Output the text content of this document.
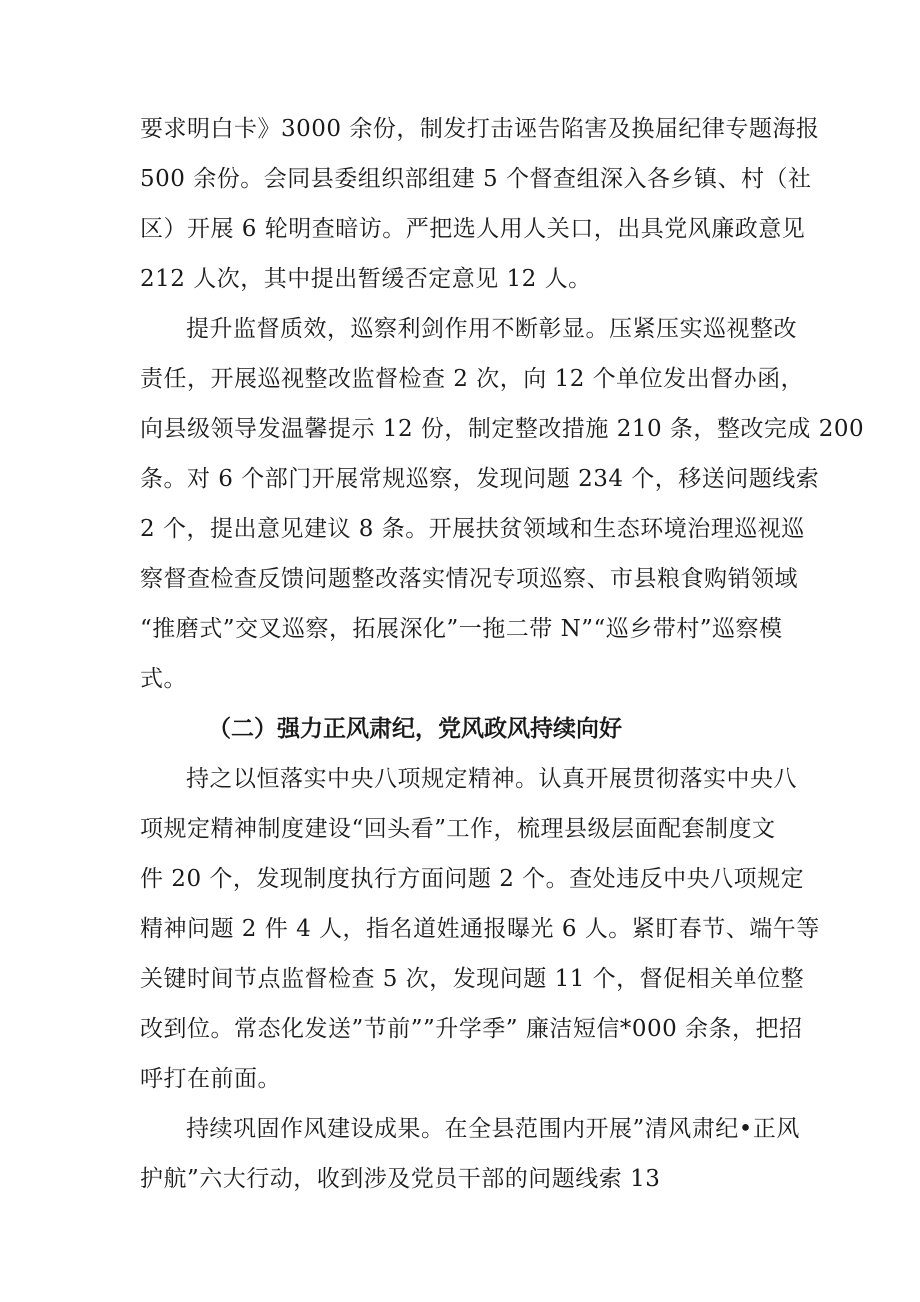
要求明白卡》3000 余份，制发打击诬告陷害及换届纪律专题海报
500 余份。会同县委组织部组建 5 个督查组深入各乡镇、村（社
区）开展 6 轮明查暗访。严把选人用人关口，出具党风廉政意见
212 人次，其中提出暂缓否定意见 12 人。
提升监督质效，巡察利剑作用不断彰显。压紧压实巡视整改
责任，开展巡视整改监督检查 2 次，向 12 个单位发出督办函，
向县级领导发温馨提示 12 份，制定整改措施 210 条，整改完成 200
条。对 6 个部门开展常规巡察，发现问题 234 个，移送问题线索
2 个，提出意见建议 8 条。开展扶贫领域和生态环境治理巡视巡
察督查检查反馈问题整改落实情况专项巡察、市县粮食购销领域
“推磨式”交叉巡察，拓展深化”一拖二带 N”“巡乡带村”巡察模
式。
（二）强力正风肃纪，党风政风持续向好
持之以恒落实中央八项规定精神。认真开展贯彻落实中央八
项规定精神制度建设“回头看”工作，梳理县级层面配套制度文
件 20 个，发现制度执行方面问题 2 个。查处违反中央八项规定
精神问题 2 件 4 人，指名道姓通报曝光 6 人。紧盯春节、端午等
关键时间节点监督检查 5 次，发现问题 11 个，督促相关单位整
改到位。常态化发送”节前””升学季” 廉洁短信*000 余条，把招
呼打在前面。
持续巩固作风建设成果。在全县范围内开展”清风肃纪•正风
护航”六大行动，收到涉及党员干部的问题线索 13
